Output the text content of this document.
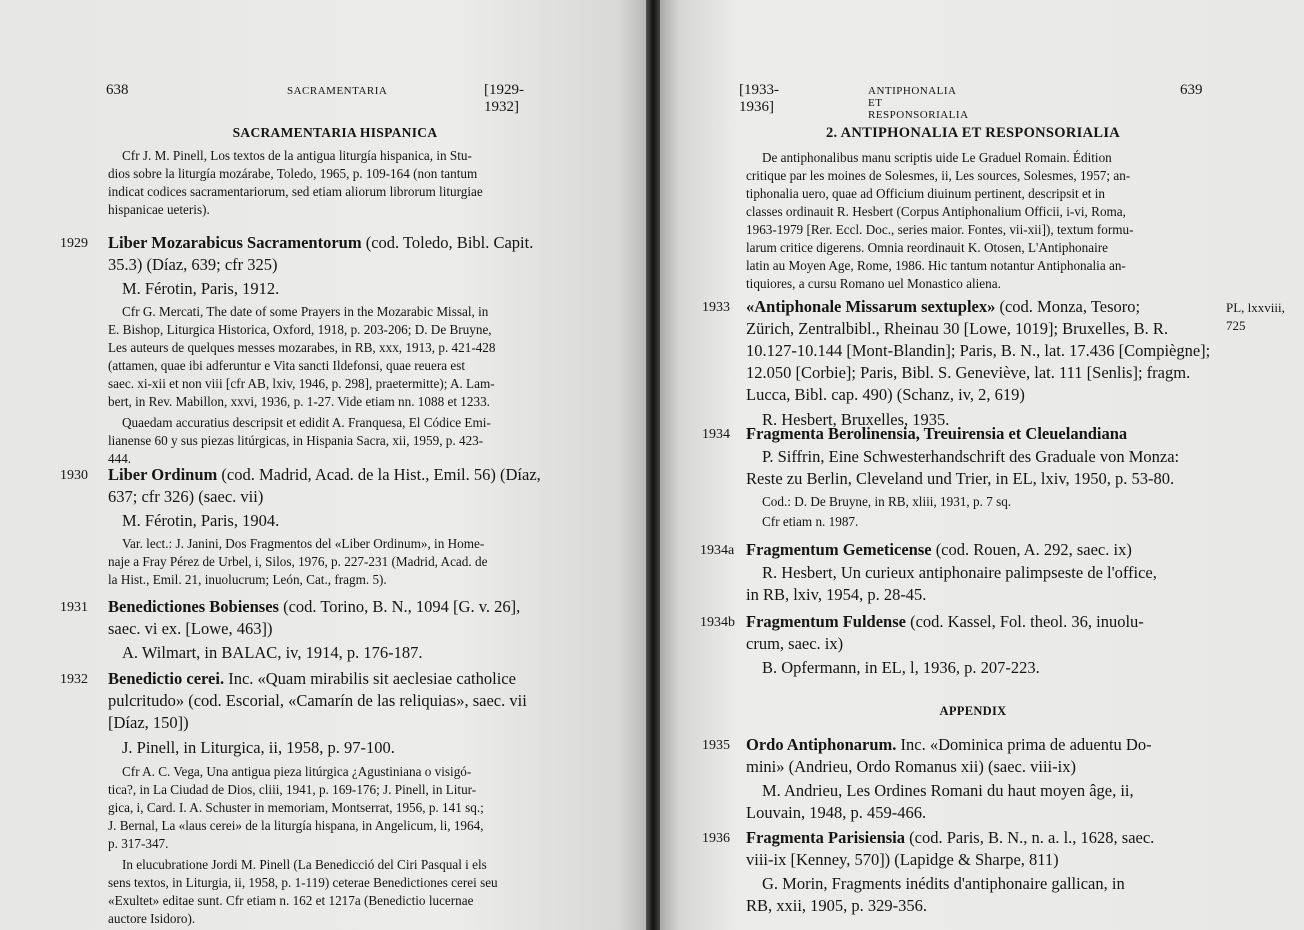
638	SACRAMENTARIA	[1929-1932]
SACRAMENTARIA HISPANICA
Cfr J. M. Pinell, Los textos de la antigua liturgía hispanica, in Stu-
dios sobre la liturgía mozárabe, Toledo, 1965, p. 109-164 (non tantum
indicat codices sacramentariorum, sed etiam aliorum librorum liturgiae
hispanicae ueteris).
1929 Liber Mozarabicus Sacramentorum (cod. Toledo, Bibl. Capit.
35.3) (Díaz, 639; cfr 325)
M. Férotin, Paris, 1912.
Cfr G. Mercati, The date of some Prayers in the Mozarabic Missal, in
E. Bishop, Liturgica Historica, Oxford, 1918, p. 203-206; D. De Bruyne,
Les auteurs de quelques messes mozarabes, in RB, xxx, 1913, p. 421-428
(attamen, quae ibi adferuntur e Vita sancti Ildefonsi, quae reuera est
saec. xi-xii et non viii [cfr AB, lxiv, 1946, p. 298], praetermitte); A. Lam-
bert, in Rev. Mabillon, xxvi, 1936, p. 1-27. Vide etiam nn. 1088 et 1233.
Quaedam accuratius descripsit et edidit A. Franquesa, El Códice Emi-
lianense 60 y sus piezas litúrgicas, in Hispania Sacra, xii, 1959, p. 423-
444.
1930 Liber Ordinum (cod. Madrid, Acad. de la Hist., Emil. 56) (Díaz,
637; cfr 326) (saec. vii)
M. Férotin, Paris, 1904.
Var. lect.: J. Janini, Dos Fragmentos del «Liber Ordinum», in Home-
naje a Fray Pérez de Urbel, i, Silos, 1976, p. 227-231 (Madrid, Acad. de
la Hist., Emil. 21, inuolucrum; León, Cat., fragm. 5).
1931 Benedictiones Bobienses (cod. Torino, B. N., 1094 [G. v. 26],
saec. vi ex. [Lowe, 463])
A. Wilmart, in BALAC, iv, 1914, p. 176-187.
1932 Benedictio cerei. Inc. «Quam mirabilis sit aeclesiae catholice
pulcritudo» (cod. Escorial, «Camarín de las reliquias», saec. vii
[Díaz, 150])
J. Pinell, in Liturgica, ii, 1958, p. 97-100.
Cfr A. C. Vega, Una antigua pieza litúrgica ¿Agustiniana o visigó-
tica?, in La Ciudad de Dios, cliii, 1941, p. 169-176; J. Pinell, in Litur-
gica, i, Card. I. A. Schuster in memoriam, Montserrat, 1956, p. 141 sq.;
J. Bernal, La «laus cerei» de la liturgía hispana, in Angelicum, li, 1964,
p. 317-347.
In elucubratione Jordi M. Pinell (La Benedicció del Ciri Pasqual i els
sens textos, in Liturgia, ii, 1958, p. 1-119) ceterae Benedictiones cerei seu
«Exultet» editae sunt. Cfr etiam n. 162 et 1217a (Benedictio lucernae
auctore Isidoro).
[1933-1936]
ANTIPHONALIA ET RESPONSORIALIA
639
2. ANTIPHONALIA ET RESPONSORIALIA
De antiphonalibus manu scriptis uide Le Graduel Romain. Édition
critique par les moines de Solesmes, ii, Les sources, Solesmes, 1957; an-
tiphonalia uero, quae ad Officium diuinum pertinent, descripsit et in
classes ordinauit R. Hesbert (Corpus Antiphonalium Officii, i-vi, Roma,
1963-1979 [Rer. Eccl. Doc., series maior. Fontes, vii-xii]), textum formu-
larum critice digerens. Omnia reordinauit K. Otosen, L'Antiphonaire
latin au Moyen Age, Rome, 1986. Hic tantum notantur Antiphonalia an-
tiquiores, a cursu Romano uel Monastico aliena.
1933 «Antiphonale Missarum sextuplex» (cod. Monza, Tesoro;
Zürich, Zentralbibl., Rheinau 30 [Lowe, 1019]; Bruxelles, B. R.
10.127-10.144 [Mont-Blandin]; Paris, B. N., lat. 17.436 [Compiègne];
12.050 [Corbie]; Paris, Bibl. S. Geneviève, lat. 111 [Senlis]; fragm.
Lucca, Bibl. cap. 490) (Schanz, iv, 2, 619)
R. Hesbert, Bruxelles, 1935.
PL, lxxviii,
725
1934 Fragmenta Berolinensia, Treuirensia et Cleuelandiana
P. Siffrin, Eine Schwesterhandschrift des Graduale von Monza:
Reste zu Berlin, Cleveland und Trier, in EL, lxiv, 1950, p. 53-80.
Cod.: D. De Bruyne, in RB, xliii, 1931, p. 7 sq.
Cfr etiam n. 1987.
1934a Fragmentum Gemeticense (cod. Rouen, A. 292, saec. ix)
R. Hesbert, Un curieux antiphonaire palimpseste de l'office,
in RB, lxiv, 1954, p. 28-45.
1934b Fragmentum Fuldense (cod. Kassel, Fol. theol. 36, inuolu-
crum, saec. ix)
B. Opfermann, in EL, l, 1936, p. 207-223.
APPENDIX
1935 Ordo Antiphonarum. Inc. «Dominica prima de aduentu Do-
mini» (Andrieu, Ordo Romanus xii) (saec. viii-ix)
M. Andrieu, Les Ordines Romani du haut moyen âge, ii,
Louvain, 1948, p. 459-466.
1936 Fragmenta Parisiensia (cod. Paris, B. N., n. a. l., 1628, saec.
viii-ix [Kenney, 570]) (Lapidge & Sharpe, 811)
G. Morin, Fragments inédits d'antiphonaire gallican, in
RB, xxii, 1905, p. 329-356.
